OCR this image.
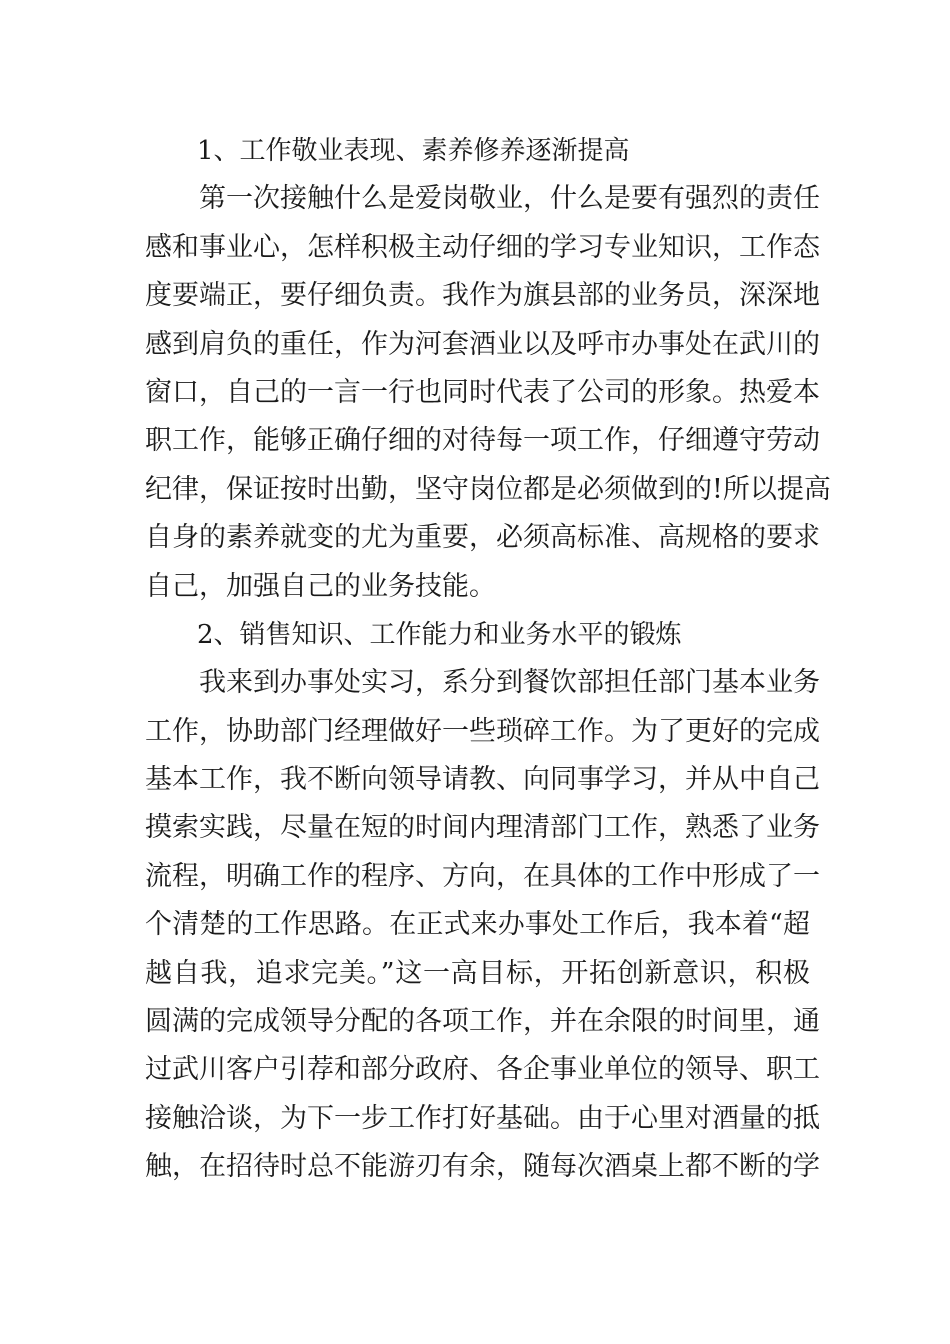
1、工作敬业表现、素养修养逐渐提高
第一次接触什么是爱岗敬业，什么是要有强烈的责任
感和事业心，怎样积极主动仔细的学习专业知识，工作态
度要端正，要仔细负责。我作为旗县部的业务员，深深地
感到肩负的重任，作为河套酒业以及呼市办事处在武川的
窗口，自己的一言一行也同时代表了公司的形象。热爱本
职工作，能够正确仔细的对待每一项工作，仔细遵守劳动
纪律，保证按时出勤，坚守岗位都是必须做到的!所以提高
自身的素养就变的尤为重要，必须高标准、高规格的要求
自己，加强自己的业务技能。
2、销售知识、工作能力和业务水平的锻炼
我来到办事处实习，系分到餐饮部担任部门基本业务
工作，协助部门经理做好一些琐碎工作。为了更好的完成
基本工作，我不断向领导请教、向同事学习，并从中自己
摸索实践，尽量在短的时间内理清部门工作，熟悉了业务
流程，明确工作的程序、方向，在具体的工作中形成了一
个清楚的工作思路。在正式来办事处工作后，我本着“超
越自我，追求完美。”这一高目标，开拓创新意识，积极
圆满的完成领导分配的各项工作，并在余限的时间里，通
过武川客户引荐和部分政府、各企事业单位的领导、职工
接触洽谈，为下一步工作打好基础。由于心里对酒量的抵
触，在招待时总不能游刃有余，随每次酒桌上都不断的学
